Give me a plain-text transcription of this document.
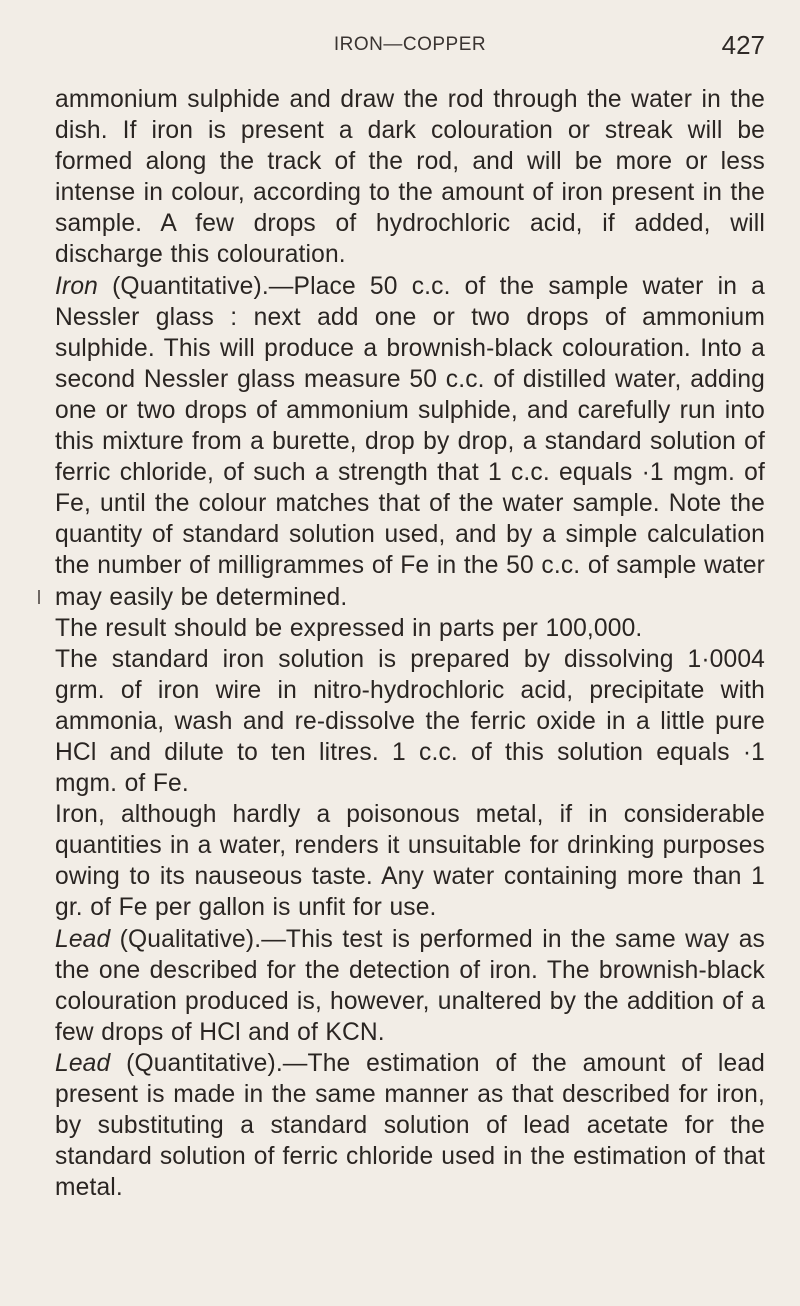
IRON—COPPER	427

ammonium sulphide and draw the rod through the water in the dish. If iron is present a dark colouration or streak will be formed along the track of the rod, and will be more or less intense in colour, according to the amount of iron present in the sample. A few drops of hydrochloric acid, if added, will discharge this colouration.

Iron (Quantitative).—Place 50 c.c. of the sample water in a Nessler glass : next add one or two drops of ammonium sulphide. This will produce a brownish-black colouration. Into a second Nessler glass measure 50 c.c. of distilled water, adding one or two drops of ammonium sulphide, and carefully run into this mixture from a burette, drop by drop, a standard solution of ferric chloride, of such a strength that 1 c.c. equals ·1 mgm. of Fe, until the colour matches that of the water sample. Note the quantity of standard solution used, and by a simple calculation the number of milligrammes of Fe in the 50 c.c. of sample water may easily be determined.

The result should be expressed in parts per 100,000.

The standard iron solution is prepared by dissolving 1·0004 grm. of iron wire in nitro-hydrochloric acid, precipitate with ammonia, wash and re-dissolve the ferric oxide in a little pure HCl and dilute to ten litres. 1 c.c. of this solution equals ·1 mgm. of Fe.

Iron, although hardly a poisonous metal, if in considerable quantities in a water, renders it unsuitable for drinking purposes owing to its nauseous taste. Any water containing more than 1 gr. of Fe per gallon is unfit for use.

Lead (Qualitative).—This test is performed in the same way as the one described for the detection of iron. The brownish-black colouration produced is, however, unaltered by the addition of a few drops of HCl and of KCN.

Lead (Quantitative).—The estimation of the amount of lead present is made in the same manner as that described for iron, by substituting a standard solution of lead acetate for the standard solution of ferric chloride used in the estimation of that metal.
